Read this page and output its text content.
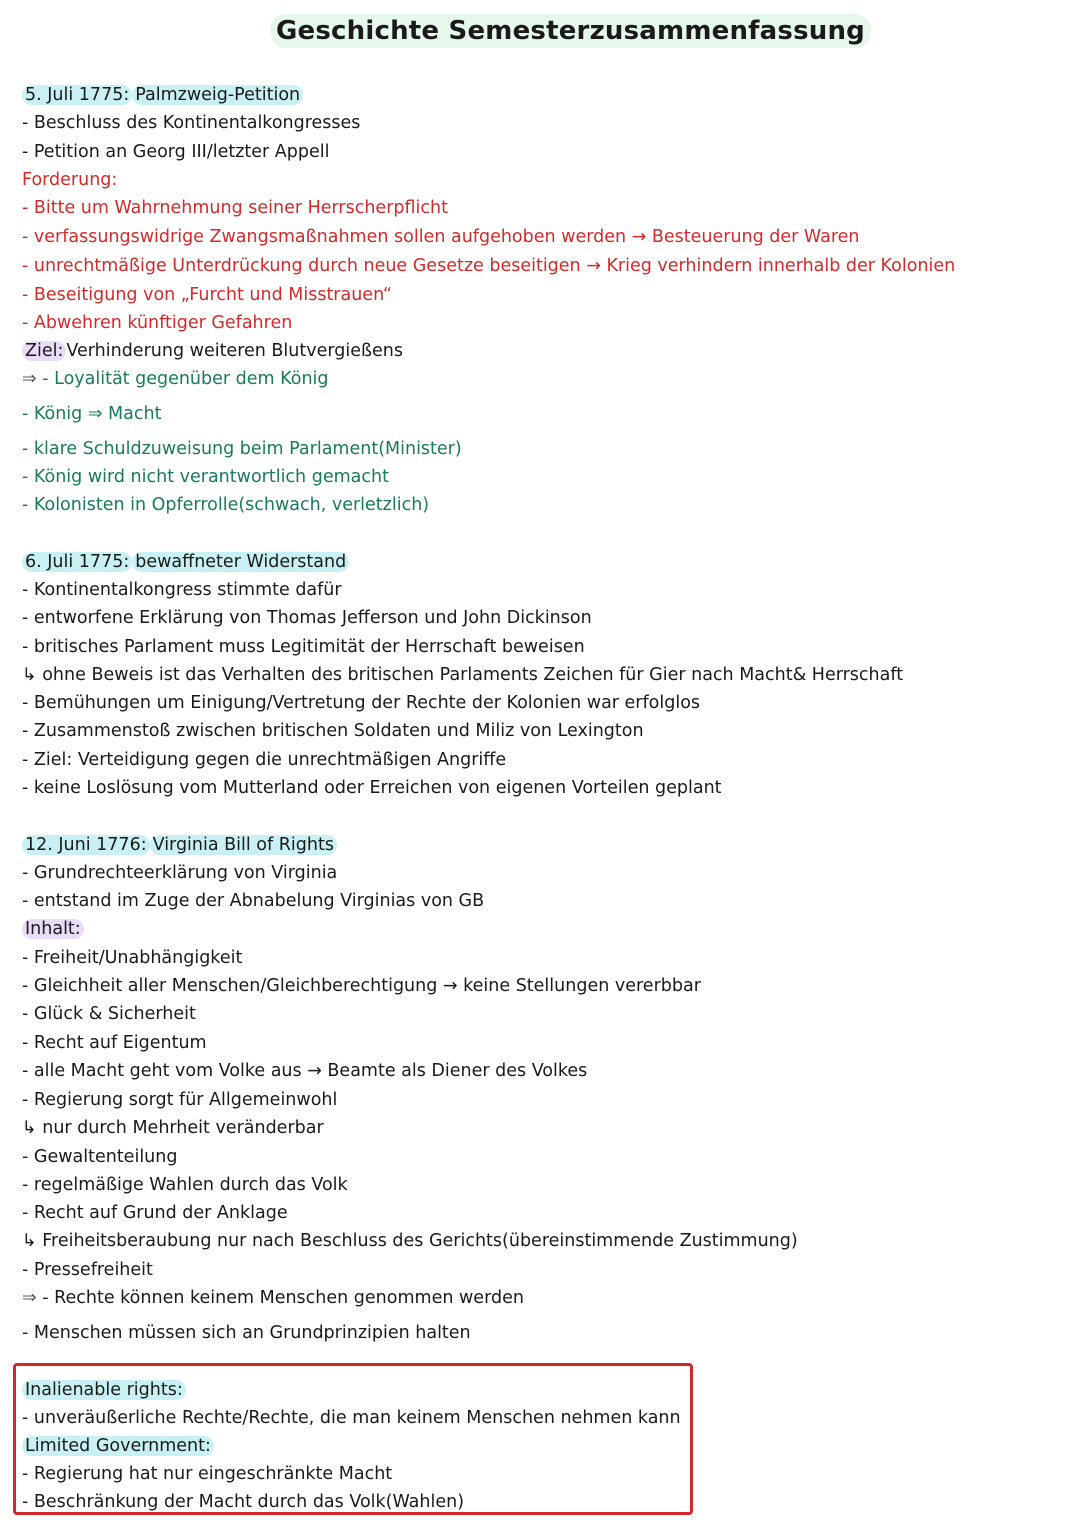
Geschichte Semesterzusammenfassung
5. Juli 1775: Palmzweig-Petition
- Beschluss des Kontinentalkongresses
- Petition an Georg III/letzter Appell
Forderung:
- Bitte um Wahrnehmung seiner Herrscherpflicht
- verfassungswidrige Zwangsmaßnahmen sollen aufgehoben werden → Besteuerung der Waren
- unrechtmäßige Unterdrückung durch neue Gesetze beseitigen → Krieg verhindern innerhalb der Kolonien
- Beseitigung von „Furcht und Misstrauen“
- Abwehren künftiger Gefahren
Ziel: Verhinderung weiteren Blutvergießens
⇒ - Loyalität gegenüber dem König
- König ⇒ Macht
- klare Schuldzuweisung beim Parlament(Minister)
- König wird nicht verantwortlich gemacht
- Kolonisten in Opferrolle(schwach, verletzlich)
6. Juli 1775: bewaffneter Widerstand
- Kontinentalkongress stimmte dafür
- entworfene Erklärung von Thomas Jefferson und John Dickinson
- britisches Parlament muss Legitimität der Herrschaft beweisen
↳ ohne Beweis ist das Verhalten des britischen Parlaments Zeichen für Gier nach Macht& Herrschaft
- Bemühungen um Einigung/Vertretung der Rechte der Kolonien war erfolglos
- Zusammenstoß zwischen britischen Soldaten und Miliz von Lexington
- Ziel: Verteidigung gegen die unrechtmäßigen Angriffe
- keine Loslösung vom Mutterland oder Erreichen von eigenen Vorteilen geplant
12. Juni 1776: Virginia Bill of Rights
- Grundrechteerklärung von Virginia
- entstand im Zuge der Abnabelung Virginias von GB
Inhalt:
- Freiheit/Unabhängigkeit
- Gleichheit aller Menschen/Gleichberechtigung → keine Stellungen vererbbar
- Glück & Sicherheit
- Recht auf Eigentum
- alle Macht geht vom Volke aus → Beamte als Diener des Volkes
- Regierung sorgt für Allgemeinwohl
↳ nur durch Mehrheit veränderbar
- Gewaltenteilung
- regelmäßige Wahlen durch das Volk
- Recht auf Grund der Anklage
↳ Freiheitsberaubung nur nach Beschluss des Gerichts(übereinstimmende Zustimmung)
- Pressefreiheit
⇒ - Rechte können keinem Menschen genommen werden
- Menschen müssen sich an Grundprinzipien halten
Inalienable rights:
- unveräußerliche Rechte/Rechte, die man keinem Menschen nehmen kann
Limited Government:
- Regierung hat nur eingeschränkte Macht
- Beschränkung der Macht durch das Volk(Wahlen)
